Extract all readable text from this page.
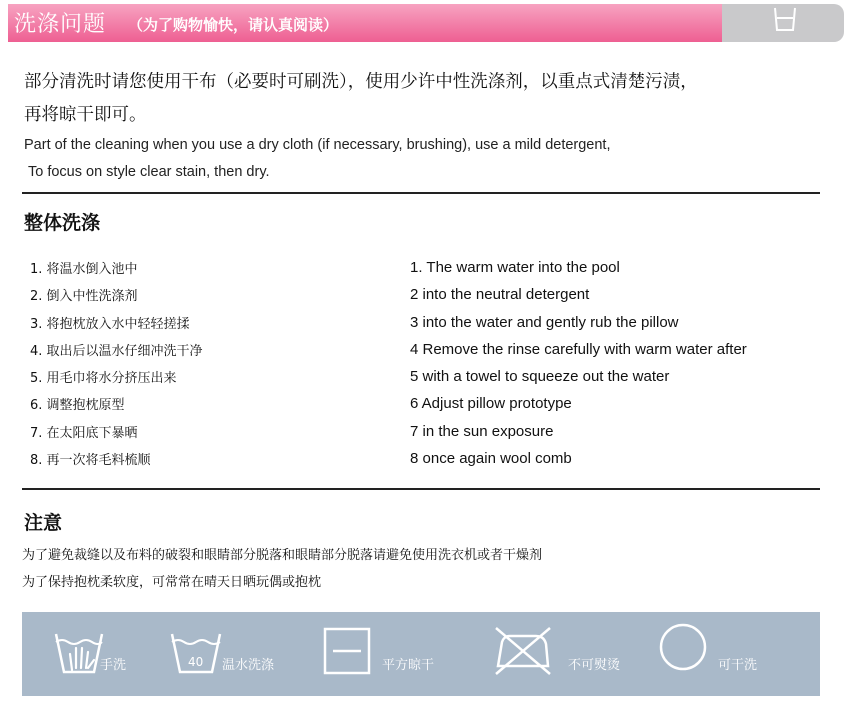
洗涤问题 （为了购物愉快，请认真阅读）
部分清洗时请您使用干布（必要时可刷洗），使用少许中性洗涤剂，以重点式清楚污渍，
再将晾干即可。
Part of the cleaning when you use a dry cloth (if necessary, brushing), use a mild detergent,
To focus on style clear stain, then dry.
整体洗涤
1. 将温水倒入池中
2. 倒入中性洗涤剂
3. 将抱枕放入水中轻轻搓揉
4. 取出后以温水仔细冲洗干净
5. 用毛巾将水分挤压出来
6. 调整抱枕原型
7. 在太阳底下暴晒
8. 再一次将毛料梳顺
1. The warm water into the pool
2 into the neutral detergent
3 into the water and gently rub the pillow
4 Remove the rinse carefully with warm water after
5 with a towel to squeeze out the water
6 Adjust pillow prototype
7 in the sun exposure
8 once again wool comb
注意
为了避免裁缝以及布料的破裂和眼睛部分脱落和眼睛部分脱落请避免使用洗衣机或者干燥剂
为了保持抱枕柔软度，可常常在晴天日晒玩偶或抱枕
手洗	40 温水洗涤	平方晾干	不可熨烫	可干洗
